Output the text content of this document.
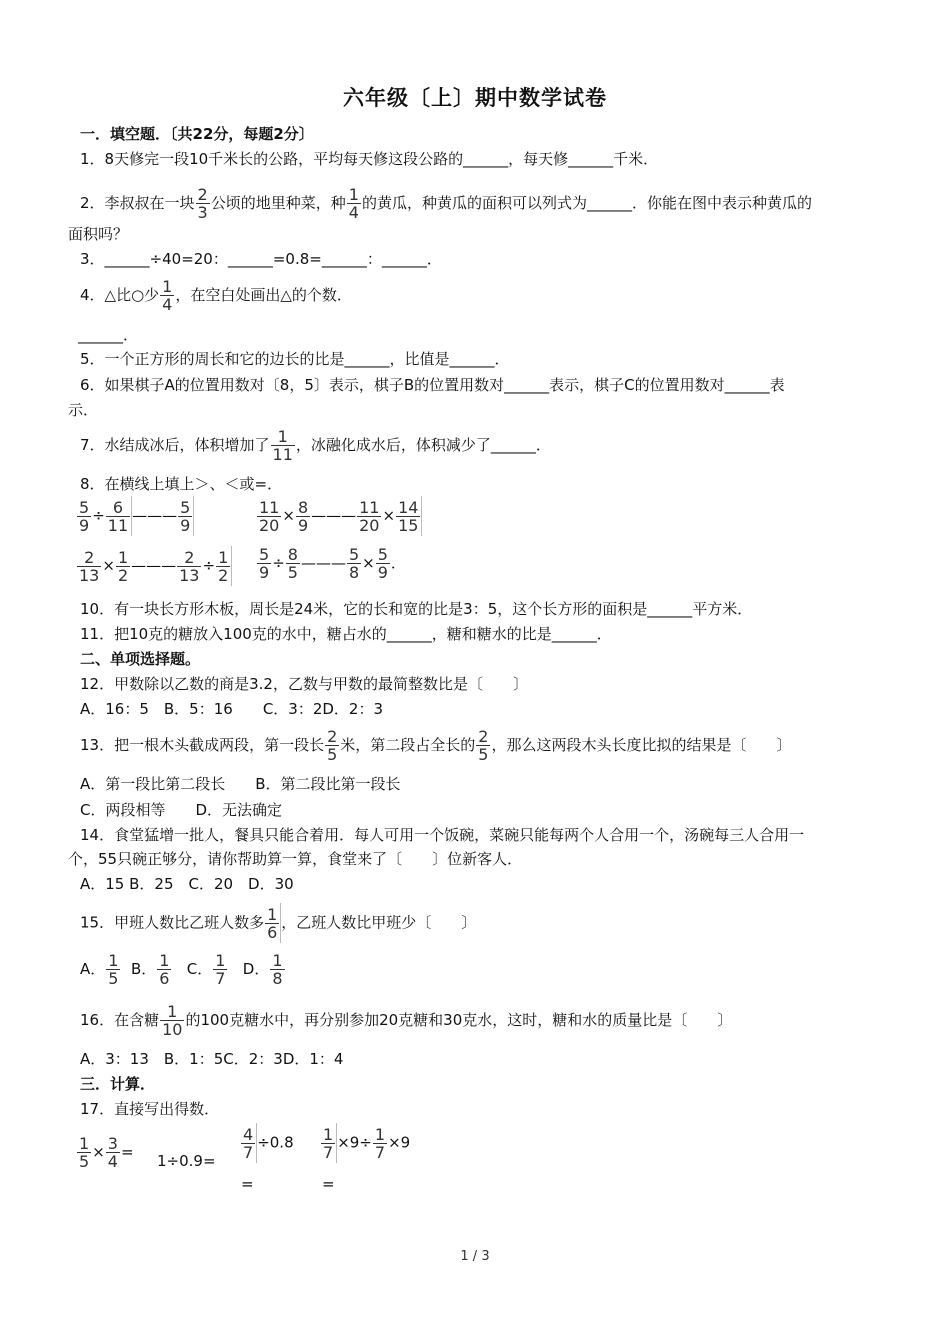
六年级〔上〕期中数学试卷
一．填空题．〔共22分，每题2分〕
1．8天修完一段10千米长的公路，平均每天修这段公路的______，每天修______千米．
2．李叔叔在一块 $\frac{2}{3}$ 公顷的地里种菜，种 $\frac{1}{4}$ 的黄瓜，种黄瓜的面积可以列式为______．你能在图中表示种黄瓜的
面积吗？
3．______÷40=20：______=0.8=______：______．
4．△比○少 $\frac{1}{4}$ ，在空白处画出△的个数．
______．
5．一个正方形的周长和它的边长的比是______，比值是______．
6．如果棋子A的位置用数对〔8，5〕表示，棋子B的位置用数对______表示，棋子C的位置用数对______表
示．
7．水结成冰后，体积增加了 $\frac{1}{11}$ ，冰融化成水后，体积减少了______．
8．在横线上填上＞、＜或=．
$\frac{5}{9} \div \frac{6}{11}$ ——— $\frac{5}{9}$	$\frac{11}{20} \times \frac{8}{9}$ ——— $\frac{11}{20} \times \frac{14}{15}$
$\frac{2}{13} \times \frac{1}{2}$ ——— $\frac{2}{13} \div \frac{1}{2} \frac{5}{9} \div \frac{8}{5}$ ——— $\frac{5}{8} \times \frac{5}{9}$ ．
10．有一块长方形木板，周长是24米，它的长和宽的比是3：5，这个长方形的面积是______平方米．
11．把10克的糖放入100克的水中，糖占水的______，糖和糖水的比是______．
二、单项选择题。
12．甲数除以乙数的商是3.2，乙数与甲数的最简整数比是〔　　〕
A．16：5　B．5：16　　C．3：2D．2：3
13．把一根木头截成两段，第一段长 $\frac{2}{5}$ 米，第二段占全长的 $\frac{2}{5}$ ，那么这两段木头长度比拟的结果是〔　　〕
A．第一段比第二段长　　B．第二段比第一段长
C．两段相等　　D．无法确定
14．食堂猛增一批人，餐具只能合着用．每人可用一个饭碗，菜碗只能每两个人合用一个，汤碗每三人合用一
个，55只碗正够分，请你帮助算一算，食堂来了〔　　〕位新客人．
A．15 B．25　C．20　D．30
15．甲班人数比乙班人数多 $\frac{1}{6}$ ，乙班人数比甲班少〔　　〕
A． $\frac{1}{5}$ B． $\frac{1}{6}$ C． $\frac{1}{7}$ D． $\frac{1}{8}$
16．在含糖 $\frac{1}{10}$ 的100克糖水中，再分别参加20克糖和30克水，这时，糖和水的质量比是〔　　〕
A．3：13　B．1：5C．2：3D．1：4
三．计算．
17．直接写出得数．
$\frac{1}{5} \times \frac{3}{4} = 1\div 0.9=$
$\frac{4}{7} \div 0.8$
=
$\frac{1}{7} \times 9\div \frac{1}{7} \times 9$
=
1 / 3
